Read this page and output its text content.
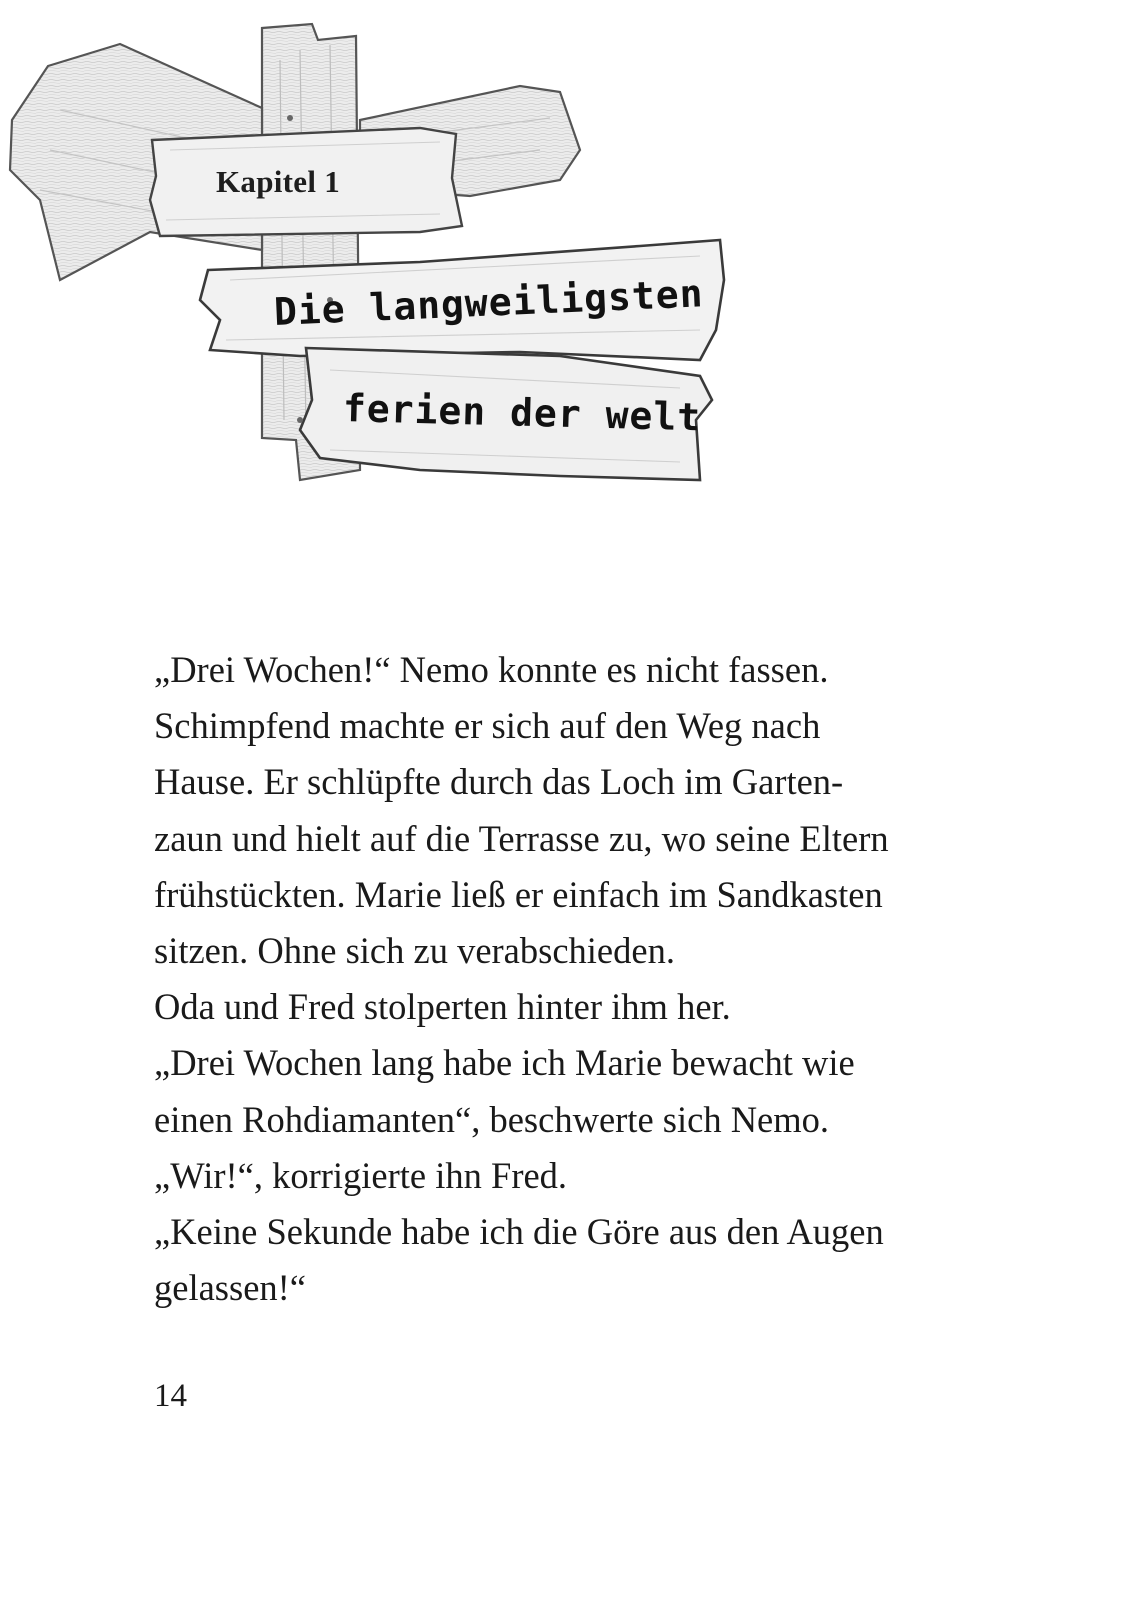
Kapitel 1
Die langweiligsten
ferien der welt
„Drei Wochen!“ Nemo konnte es nicht fassen.
Schimpfend machte er sich auf den Weg nach
Hause. Er schlüpfte durch das Loch im Garten-
zaun und hielt auf die Terrasse zu, wo seine Eltern
frühstückten. Marie ließ er einfach im Sandkasten
sitzen. Ohne sich zu verabschieden.
Oda und Fred stolperten hinter ihm her.
„Drei Wochen lang habe ich Marie bewacht wie
einen Rohdiamanten“, beschwerte sich Nemo.
„Wir!“, korrigierte ihn Fred.
„Keine Sekunde habe ich die Göre aus den Augen
gelassen!“
14
